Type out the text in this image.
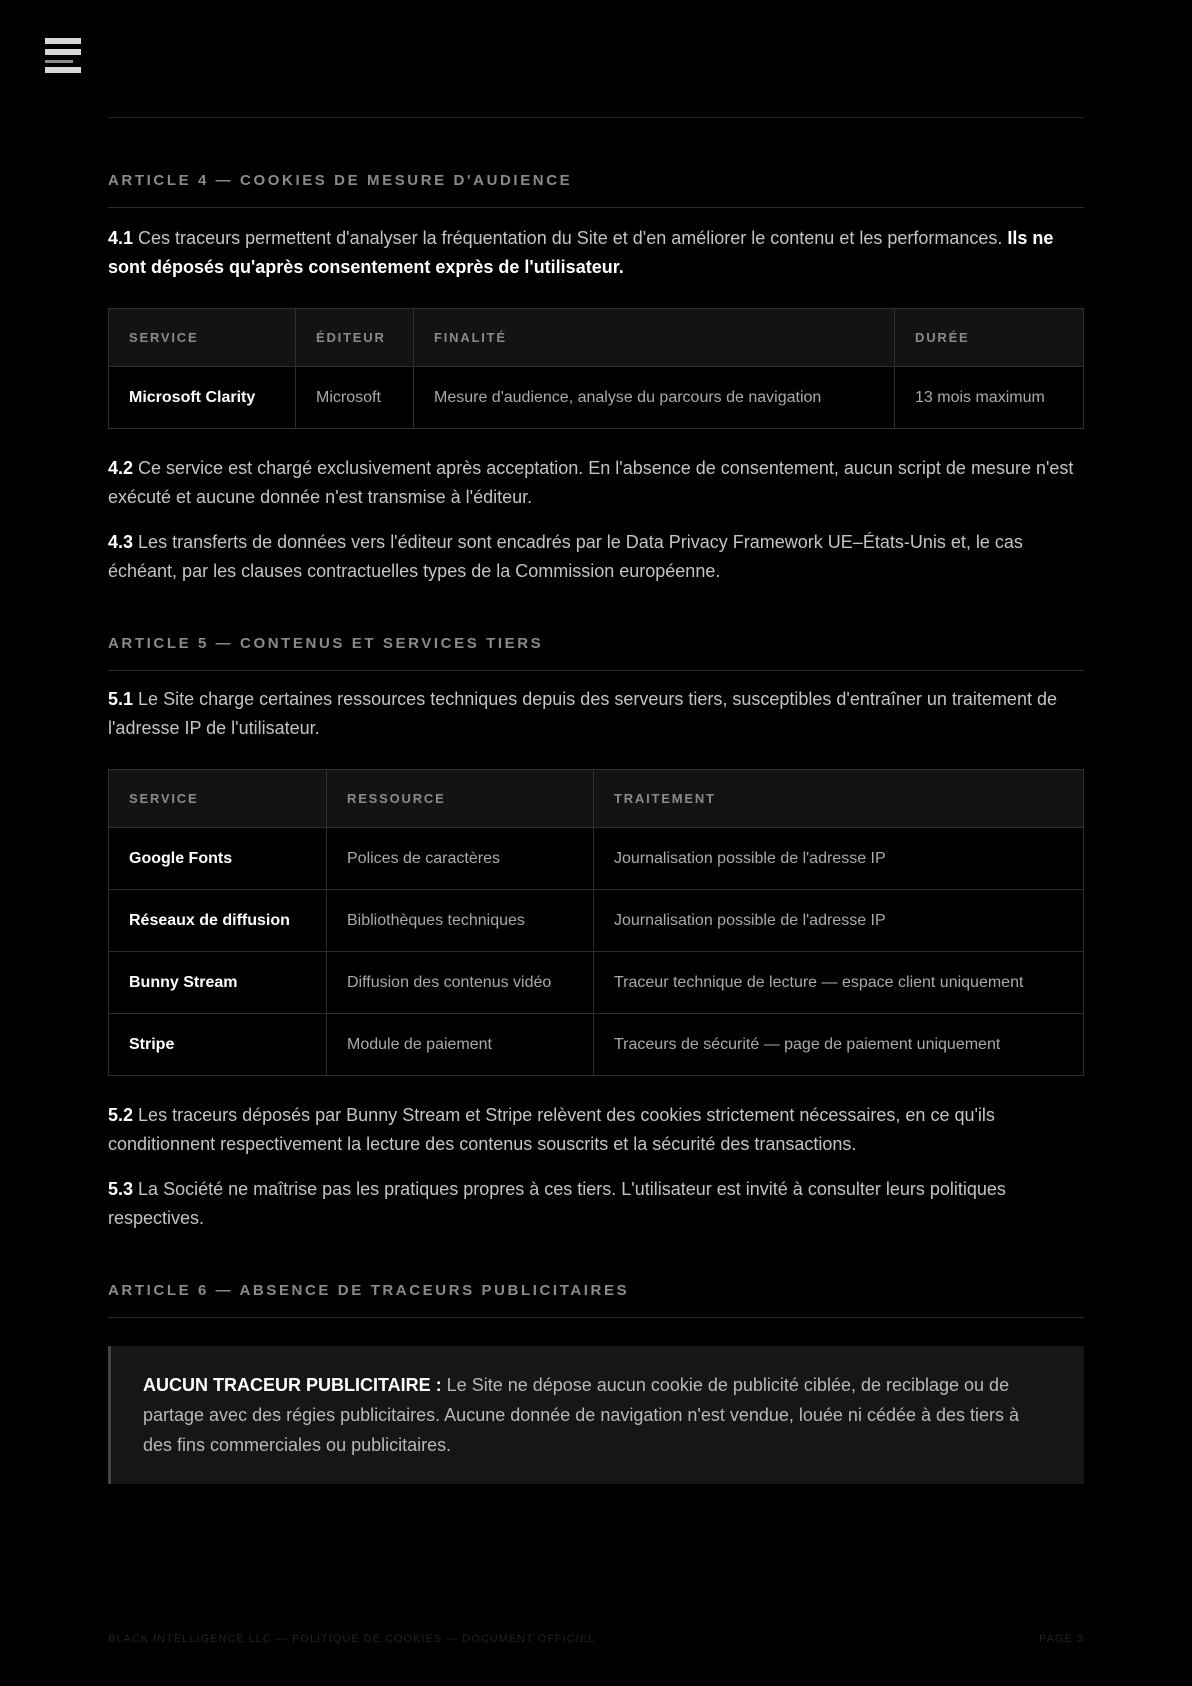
ARTICLE 4 — COOKIES DE MESURE D'AUDIENCE

4.1 Ces traceurs permettent d'analyser la fréquentation du Site et d'en améliorer le contenu et les performances. Ils ne sont déposés qu'après consentement exprès de l'utilisateur.

SERVICE	ÉDITEUR	FINALITÉ	DURÉE
Microsoft Clarity	Microsoft	Mesure d'audience, analyse du parcours de navigation	13 mois maximum

4.2 Ce service est chargé exclusivement après acceptation. En l'absence de consentement, aucun script de mesure n'est exécuté et aucune donnée n'est transmise à l'éditeur.

4.3 Les transferts de données vers l'éditeur sont encadrés par le Data Privacy Framework UE–États-Unis et, le cas échéant, par les clauses contractuelles types de la Commission européenne.

ARTICLE 5 — CONTENUS ET SERVICES TIERS

5.1 Le Site charge certaines ressources techniques depuis des serveurs tiers, susceptibles d'entraîner un traitement de l'adresse IP de l'utilisateur.

SERVICE	RESSOURCE	TRAITEMENT
Google Fonts	Polices de caractères	Journalisation possible de l'adresse IP
Réseaux de diffusion	Bibliothèques techniques	Journalisation possible de l'adresse IP
Bunny Stream	Diffusion des contenus vidéo	Traceur technique de lecture — espace client uniquement
Stripe	Module de paiement	Traceurs de sécurité — page de paiement uniquement

5.2 Les traceurs déposés par Bunny Stream et Stripe relèvent des cookies strictement nécessaires, en ce qu'ils conditionnent respectivement la lecture des contenus souscrits et la sécurité des transactions.

5.3 La Société ne maîtrise pas les pratiques propres à ces tiers. L'utilisateur est invité à consulter leurs politiques respectives.

ARTICLE 6 — ABSENCE DE TRACEURS PUBLICITAIRES
AUCUN TRACEUR PUBLICITAIRE : Le Site ne dépose aucun cookie de publicité ciblée, de reciblage ou de partage avec des régies publicitaires. Aucune donnée de navigation n'est vendue, louée ni cédée à des tiers à des fins commerciales ou publicitaires.
BLACK INTELLIGENCE LLC — POLITIQUE DE COOKIES — DOCUMENT OFFICIEL	PAGE 3
